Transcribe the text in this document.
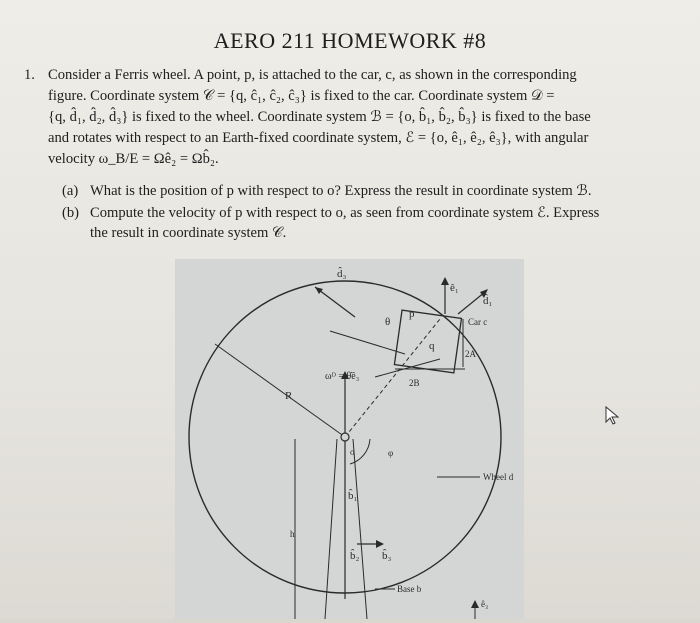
AERO 211 HOMEWORK #8
1. Consider a Ferris wheel. A point, p, is attached to the car, c, as shown in the corresponding
figure. Coordinate system 𝒞 = {q, ĉ₁, ĉ₂, ĉ₃} is fixed to the car. Coordinate system 𝒟 =
{q, d̂₁, d̂₂, d̂₃} is fixed to the wheel. Coordinate system ℬ = {o, b̂₁, b̂₂, b̂₃} is fixed to the base
and rotates with respect to an Earth-fixed coordinate system, ℰ = {o, ê₁, ê₂, ê₃}, with angular
velocity ω_B/E = Ωê₂ = Ωb̂₂.
(a) What is the position of p with respect to o? Express the result in coordinate system ℬ.
(b) Compute the velocity of p with respect to o, as seen from coordinate system ℰ. Express
the result in coordinate system 𝒞.
d̂₃
ê₁
d̂₁
Car c
p
q
θ
2A
ωᴰ = θ̇ê₃
2B
R
o	φ
Wheel d
b̂₁
h
b̂₂ b̂₃
Base b
ê₃
